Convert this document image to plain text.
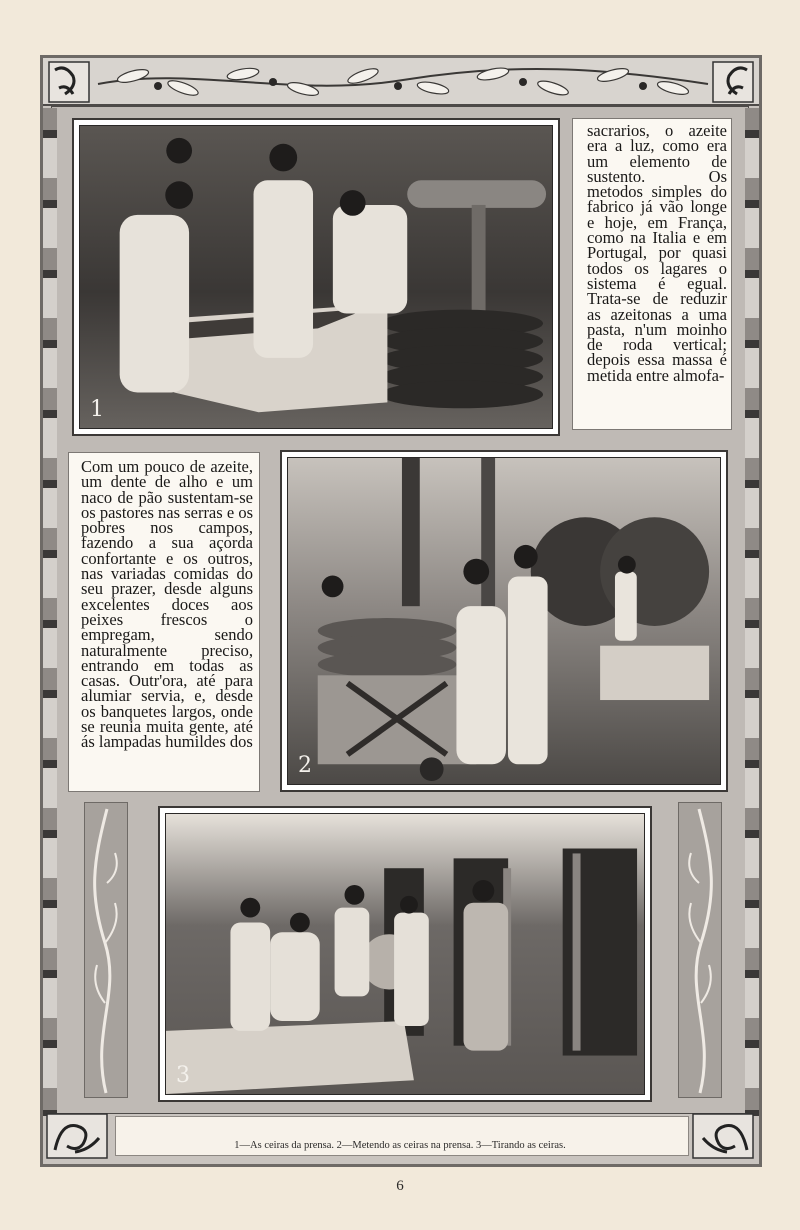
1

sacrarios, o azeite era a luz, como era um elemento de sustento. Os metodos simples do fabrico já vão longe e hoje, em França, como na Italia e em Portugal, por quasi todos os lagares o sistema é egual. Trata-se de reduzir as azeitonas a uma pasta, n'um moinho de roda vertical; depois essa massa é metida entre almofa-

Com um pouco de azeite, um dente de alho e um naco de pão sustentam-se os pastores nas serras e os pobres nos campos, fazendo a sua açorda confortante e os outros, nas variadas comidas do seu prazer, desde alguns excelentes doces aos peixes frescos o empregam, sendo naturalmente preciso, entrando em todas as casas. Outr'ora, até para alumiar servia, e, desde os banquetes largos, onde se reunia muita gente, até ás lampadas humildes dos

2
3
1—As ceiras da prensa. 2—Metendo as ceiras na prensa. 3—Tirando as ceiras.
6
